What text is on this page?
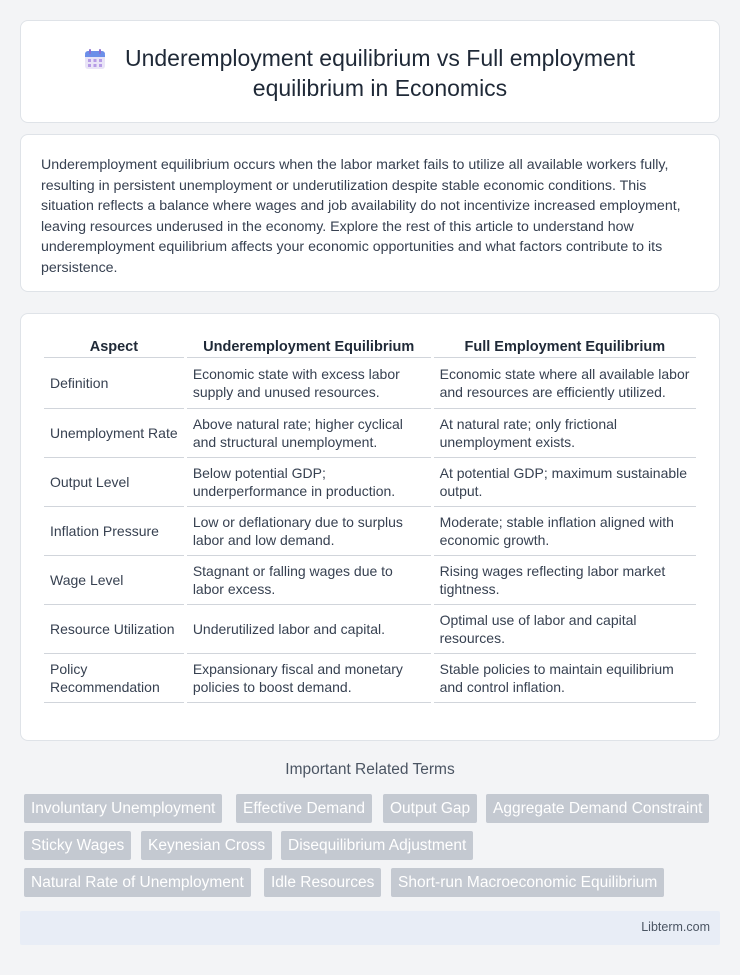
Underemployment equilibrium vs Full employment equilibrium in Economics

Underemployment equilibrium occurs when the labor market fails to utilize all available workers fully, resulting in persistent unemployment or underutilization despite stable economic conditions. This situation reflects a balance where wages and job availability do not incentivize increased employment, leaving resources underused in the economy. Explore the rest of this article to understand how underemployment equilibrium affects your economic opportunities and what factors contribute to its persistence.

Aspect	Underemployment Equilibrium	Full Employment Equilibrium
Definition	Economic state with excess labor supply and unused resources.	Economic state where all available labor and resources are efficiently utilized.
Unemployment Rate	Above natural rate; higher cyclical and structural unemployment.	At natural rate; only frictional unemployment exists.
Output Level	Below potential GDP; underperformance in production.	At potential GDP; maximum sustainable output.
Inflation Pressure	Low or deflationary due to surplus labor and low demand.	Moderate; stable inflation aligned with economic growth.
Wage Level	Stagnant or falling wages due to labor excess.	Rising wages reflecting labor market tightness.
Resource Utilization	Underutilized labor and capital.	Optimal use of labor and capital resources.
Policy Recommendation	Expansionary fiscal and monetary policies to boost demand.	Stable policies to maintain equilibrium and control inflation.
Important Related Terms
Involuntary Unemployment	Effective Demand	Output Gap	Aggregate Demand Constraint
Sticky Wages	Keynesian Cross	Disequilibrium Adjustment
Natural Rate of Unemployment	Idle Resources	Short-run Macroeconomic Equilibrium
Libterm.com
